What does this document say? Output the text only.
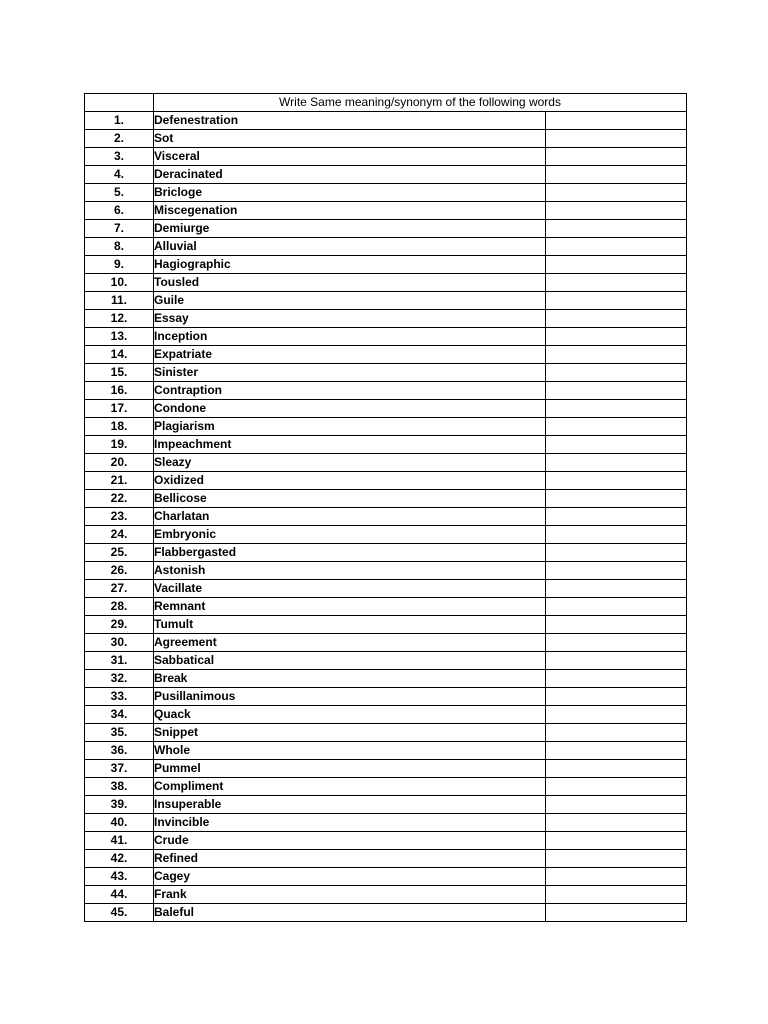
	Write Same meaning/synonym of the following words	
1.	Defenestration	
2.	Sot	
3.	Visceral	
4.	Deracinated	
5.	Bricloge	
6.	Miscegenation	
7.	Demiurge	
8.	Alluvial	
9.	Hagiographic	
10.	Tousled	
11.	Guile	
12.	Essay	
13.	Inception	
14.	Expatriate	
15.	Sinister	
16.	Contraption	
17.	Condone	
18.	Plagiarism	
19.	Impeachment	
20.	Sleazy	
21.	Oxidized	
22.	Bellicose	
23.	Charlatan	
24.	Embryonic	
25.	Flabbergasted	
26.	Astonish	
27.	Vacillate	
28.	Remnant	
29.	Tumult	
30.	Agreement	
31.	Sabbatical	
32.	Break	
33.	Pusillanimous	
34.	Quack	
35.	Snippet	
36.	Whole	
37.	Pummel	
38.	Compliment	
39.	Insuperable	
40.	Invincible	
41.	Crude	
42.	Refined	
43.	Cagey	
44.	Frank	
45.	Baleful	
